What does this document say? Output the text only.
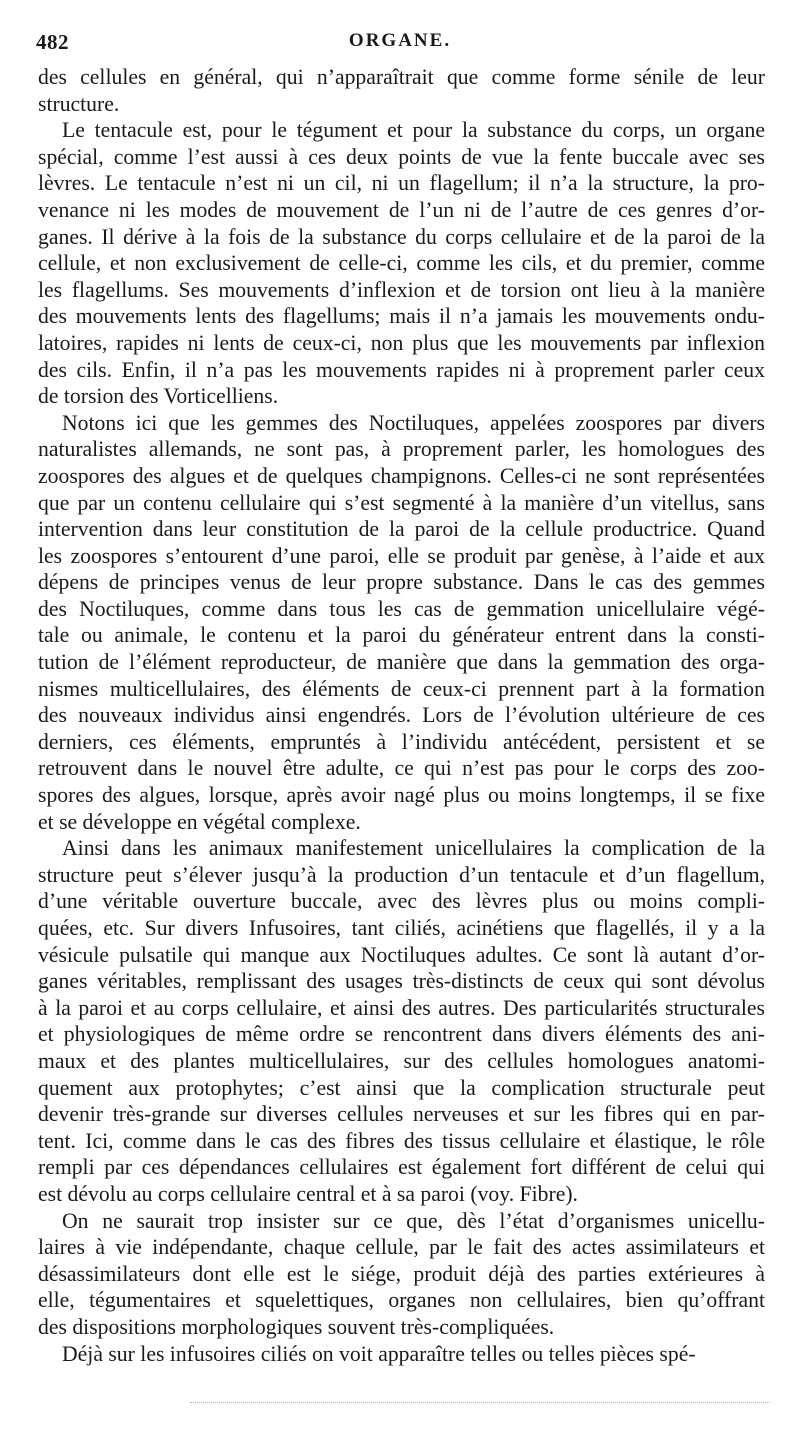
482	ORGANE.
des cellules en général, qui n’apparaîtrait que comme forme sénile de leur
structure.
Le tentacule est, pour le tégument et pour la substance du corps, un organe
spécial, comme l’est aussi à ces deux points de vue la fente buccale avec ses
lèvres. Le tentacule n’est ni un cil, ni un flagellum; il n’a la structure, la pro-
venance ni les modes de mouvement de l’un ni de l’autre de ces genres d’or-
ganes. Il dérive à la fois de la substance du corps cellulaire et de la paroi de la
cellule, et non exclusivement de celle-ci, comme les cils, et du premier, comme
les flagellums. Ses mouvements d’inflexion et de torsion ont lieu à la manière
des mouvements lents des flagellums; mais il n’a jamais les mouvements ondu-
latoires, rapides ni lents de ceux-ci, non plus que les mouvements par inflexion
des cils. Enfin, il n’a pas les mouvements rapides ni à proprement parler ceux
de torsion des Vorticelliens.
Notons ici que les gemmes des Noctiluques, appelées zoospores par divers
naturalistes allemands, ne sont pas, à proprement parler, les homologues des
zoospores des algues et de quelques champignons. Celles-ci ne sont représentées
que par un contenu cellulaire qui s’est segmenté à la manière d’un vitellus, sans
intervention dans leur constitution de la paroi de la cellule productrice. Quand
les zoospores s’entourent d’une paroi, elle se produit par genèse, à l’aide et aux
dépens de principes venus de leur propre substance. Dans le cas des gemmes
des Noctiluques, comme dans tous les cas de gemmation unicellulaire végé-
tale ou animale, le contenu et la paroi du générateur entrent dans la consti-
tution de l’élément reproducteur, de manière que dans la gemmation des orga-
nismes multicellulaires, des éléments de ceux-ci prennent part à la formation
des nouveaux individus ainsi engendrés. Lors de l’évolution ultérieure de ces
derniers, ces éléments, empruntés à l’individu antécédent, persistent et se
retrouvent dans le nouvel être adulte, ce qui n’est pas pour le corps des zoo-
spores des algues, lorsque, après avoir nagé plus ou moins longtemps, il se fixe
et se développe en végétal complexe.
Ainsi dans les animaux manifestement unicellulaires la complication de la
structure peut s’élever jusqu’à la production d’un tentacule et d’un flagellum,
d’une véritable ouverture buccale, avec des lèvres plus ou moins compli-
quées, etc. Sur divers Infusoires, tant ciliés, acinétiens que flagellés, il y a la
vésicule pulsatile qui manque aux Noctiluques adultes. Ce sont là autant d’or-
ganes véritables, remplissant des usages très-distincts de ceux qui sont dévolus
à la paroi et au corps cellulaire, et ainsi des autres. Des particularités structurales
et physiologiques de même ordre se rencontrent dans divers éléments des ani-
maux et des plantes multicellulaires, sur des cellules homologues anatomi-
quement aux protophytes; c’est ainsi que la complication structurale peut
devenir très-grande sur diverses cellules nerveuses et sur les fibres qui en par-
tent. Ici, comme dans le cas des fibres des tissus cellulaire et élastique, le rôle
rempli par ces dépendances cellulaires est également fort différent de celui qui
est dévolu au corps cellulaire central et à sa paroi (voy. Fibre).
On ne saurait trop insister sur ce que, dès l’état d’organismes unicellu-
laires à vie indépendante, chaque cellule, par le fait des actes assimilateurs et
désassimilateurs dont elle est le siége, produit déjà des parties extérieures à
elle, tégumentaires et squelettiques, organes non cellulaires, bien qu’offrant
des dispositions morphologiques souvent très-compliquées.
Déjà sur les infusoires ciliés on voit apparaître telles ou telles pièces spé-
